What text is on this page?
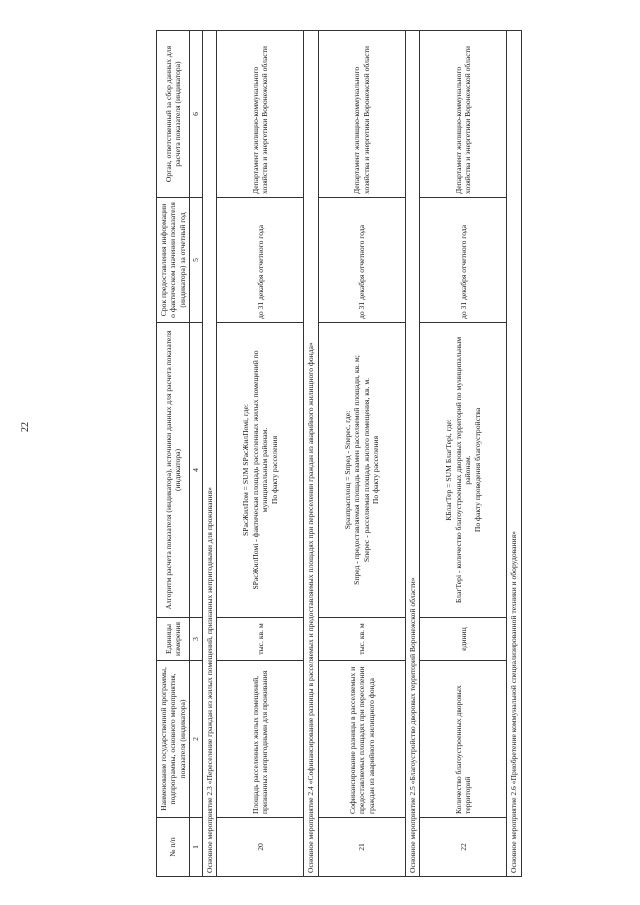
22
№ п/п	Наименование государственной программы, подпрограммы, основного мероприятия, показателя (индикатора)	Единицы измерения	Алгоритм расчета показателя (индикатора), источники данных для расчета показателя (индикатора)	Срок предоставления информации о фактическом значении показателя (индикатора) за отчетный год	Орган, ответственный за сбор данных для расчета показателя (индикатора)
1	2	3	4	5	6
Основное мероприятие 2.3 «Переселение граждан из жилых помещений, признанных непригодными для проживания»					
20	Площадь расселенных жилых помещений, признанных непригодными для проживания	тыс. кв. м	SРасЖилПом = SUM SРасЖилПомi, где: SРасЖилПомi - фактическая площадь расселенных жилых помещений по муниципальным районам. По факту расселения	до 31 декабря отчетного года	Департамент жилищно-коммунального хозяйства и энергетики Воронежской области
Основное мероприятие 2.4 «Софинансирование разницы в расселяемых и предоставляемых площадях при переселении граждан из аварийного жилищного фонда»					
21	Софинансирование разницы в расселяемых и предоставляемых площадях при переселении граждан из аварийного жилищного фонда	тыс. кв. м	Sразпрасплощ = Sпред - Sперес, где: Sпред - предоставляемая площадь взамен расселяемой площади, кв. м; Sперес - расселяемая площадь жилого помещения, кв. м. По факту расселения	до 31 декабря отчетного года	Департамент жилищно-коммунального хозяйства и энергетики Воронежской области
Основное мероприятие 2.5 «Благоустройство дворовых территорий Воронежской области»					
22	Количество благоустроенных дворовых территорий	единиц	КБлагТер = SUM БлагТерi, где: БлагТерi - количество благоустроенных дворовых территорий по муниципальным районам. По факту проведения благоустройства	до 31 декабря отчетного года	Департамент жилищно-коммунального хозяйства и энергетики Воронежской области
Основное мероприятие 2.6 «Приобретение коммунальной специализированной техники и оборудования»					
